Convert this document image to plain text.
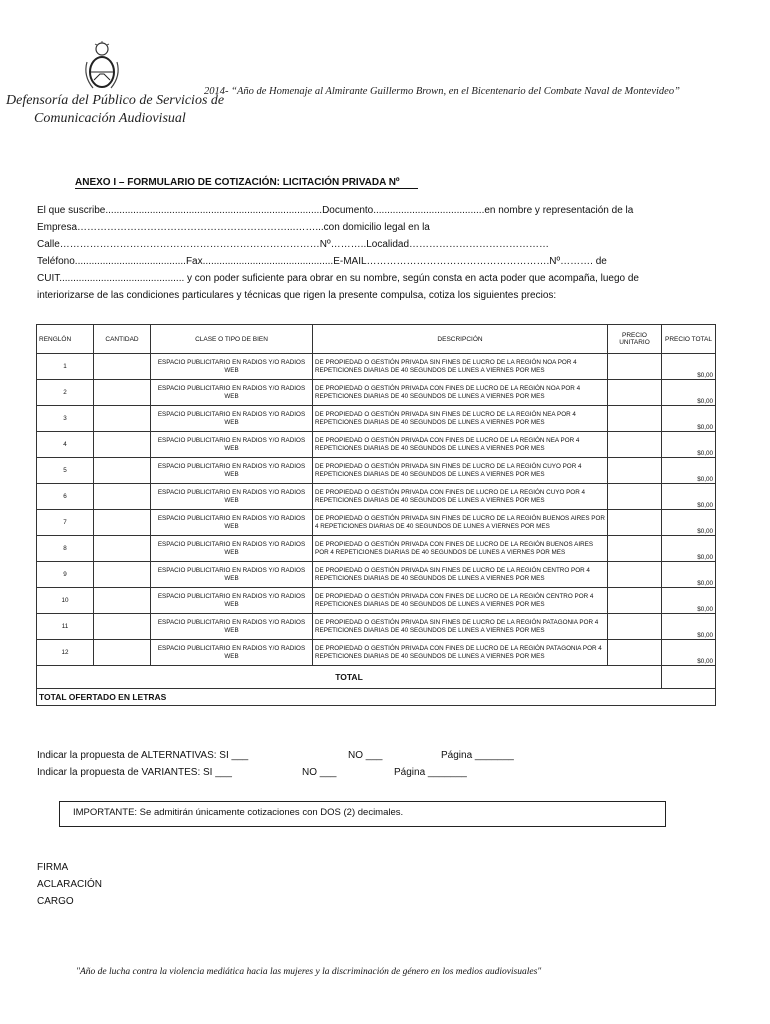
Defensoría del Público de Servicios de
Comunicación Audiovisual
2014- “Año de Homenaje al Almirante Guillermo Brown, en el Bicentenario del Combate Naval de Montevideo”
ANEXO I – FORMULARIO DE COTIZACIÓN: LICITACIÓN PRIVADA Nº
El que suscribe..............................................................................Documento........................................en nombre y representación de la
Empresa………………………………………………………...……...con domicilio legal en la
Calle……………………………………………………………………Nº………..Localidad……………………………………
Teléfono........................................Fax...............................................E-MAIL……………………………………………….Nº………. de
CUIT............................................. y con poder suficiente para obrar en su nombre, según consta en acta poder que acompaña, luego de
interiorizarse de las condiciones particulares y técnicas que rigen la presente compulsa, cotiza los siguientes precios:
RENGLÓN	CANTIDAD	CLASE O TIPO DE BIEN	DESCRIPCIÓN	PRECIO UNITARIO	PRECIO TOTAL
1		ESPACIO PUBLICITARIO EN RADIOS Y/O RADIOS WEB	DE PROPIEDAD O GESTIÓN PRIVADA SIN FINES DE LUCRO DE LA REGIÓN NOA POR 4 REPETICIONES DIARIAS DE 40 SEGUNDOS DE LUNES A VIERNES POR MES		$0,00
2		ESPACIO PUBLICITARIO EN RADIOS Y/O RADIOS WEB	DE PROPIEDAD O GESTIÓN PRIVADA CON FINES DE LUCRO DE LA REGIÓN NOA POR 4 REPETICIONES DIARIAS DE 40 SEGUNDOS DE LUNES A VIERNES POR MES		$0,00
3		ESPACIO PUBLICITARIO EN RADIOS Y/O RADIOS WEB	DE PROPIEDAD O GESTIÓN PRIVADA SIN FINES DE LUCRO DE LA REGIÓN NEA POR 4 REPETICIONES DIARIAS DE 40 SEGUNDOS DE LUNES A VIERNES POR MES		$0,00
4		ESPACIO PUBLICITARIO EN RADIOS Y/O RADIOS WEB	DE PROPIEDAD O GESTIÓN PRIVADA CON FINES DE LUCRO DE LA REGIÓN NEA POR 4 REPETICIONES DIARIAS DE 40 SEGUNDOS DE LUNES A VIERNES POR MES		$0,00
5		ESPACIO PUBLICITARIO EN RADIOS Y/O RADIOS WEB	DE PROPIEDAD O GESTIÓN PRIVADA SIN FINES DE LUCRO DE LA REGIÓN CUYO POR 4 REPETICIONES DIARIAS DE 40 SEGUNDOS DE LUNES A VIERNES POR MES		$0,00
6		ESPACIO PUBLICITARIO EN RADIOS Y/O RADIOS WEB	DE PROPIEDAD O GESTIÓN PRIVADA CON FINES DE LUCRO DE LA REGIÓN CUYO POR 4 REPETICIONES DIARIAS DE 40 SEGUNDOS DE LUNES A VIERNES POR MES		$0,00
7		ESPACIO PUBLICITARIO EN RADIOS Y/O RADIOS WEB	DE PROPIEDAD O GESTIÓN PRIVADA SIN FINES DE LUCRO DE LA REGIÓN BUENOS AIRES POR 4 REPETICIONES DIARIAS DE 40 SEGUNDOS DE LUNES A VIERNES POR MES		$0,00
8		ESPACIO PUBLICITARIO EN RADIOS Y/O RADIOS WEB	DE PROPIEDAD O GESTIÓN PRIVADA CON FINES DE LUCRO DE LA REGIÓN BUENOS AIRES POR 4 REPETICIONES DIARIAS DE 40 SEGUNDOS DE LUNES A VIERNES POR MES		$0,00
9		ESPACIO PUBLICITARIO EN RADIOS Y/O RADIOS WEB	DE PROPIEDAD O GESTIÓN PRIVADA SIN FINES DE LUCRO DE LA REGIÓN CENTRO POR 4 REPETICIONES DIARIAS DE 40 SEGUNDOS DE LUNES A VIERNES POR MES		$0,00
10		ESPACIO PUBLICITARIO EN RADIOS Y/O RADIOS WEB	DE PROPIEDAD O GESTIÓN PRIVADA CON FINES DE LUCRO DE LA REGIÓN CENTRO POR 4 REPETICIONES DIARIAS DE 40 SEGUNDOS DE LUNES A VIERNES POR MES		$0,00
11		ESPACIO PUBLICITARIO EN RADIOS Y/O RADIOS WEB	DE PROPIEDAD O GESTIÓN PRIVADA SIN FINES DE LUCRO DE LA REGIÓN PATAGONIA POR 4 REPETICIONES DIARIAS DE 40 SEGUNDOS DE LUNES A VIERNES POR MES		$0,00
12		ESPACIO PUBLICITARIO EN RADIOS Y/O RADIOS WEB	DE PROPIEDAD O GESTIÓN PRIVADA CON FINES DE LUCRO DE LA REGIÓN PATAGONIA POR 4 REPETICIONES DIARIAS DE 40 SEGUNDOS DE LUNES A VIERNES POR MES		$0,00
TOTAL					
TOTAL OFERTADO EN LETRAS					
Indicar la propuesta de ALTERNATIVAS: SI ___	NO ___	Página _______
Indicar la propuesta de VARIANTES: SI ___	NO ___	Página _______
IMPORTANTE: Se admitirán únicamente cotizaciones con DOS (2) decimales.
FIRMA
ACLARACIÓN
CARGO
"Año de lucha contra la violencia mediática hacia las mujeres y la discriminación de género en los medios audiovisuales"
